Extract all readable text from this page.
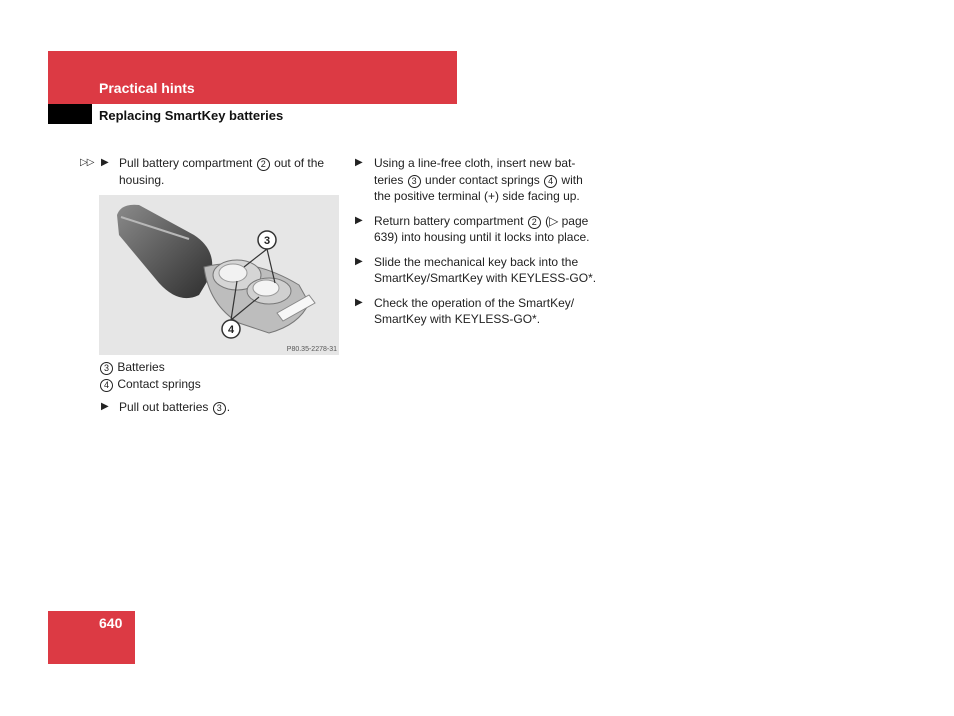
Practical hints
Replacing SmartKey batteries
▷▷ ▶ Pull battery compartment 2 out of the housing.
3
4
P80.35-2278-31
3 Batteries
4 Contact springs
▶ Pull out batteries 3 .
▶ Using a line-free cloth, insert new bat-teries 3 under contact springs 4 with the positive terminal (+) side facing up.
▶ Return battery compartment 2 (▷ page 639) into housing until it locks into place.
▶ Slide the mechanical key back into the SmartKey/SmartKey with KEYLESS-GO*.
▶ Check the operation of the SmartKey/ SmartKey with KEYLESS-GO*.
640
